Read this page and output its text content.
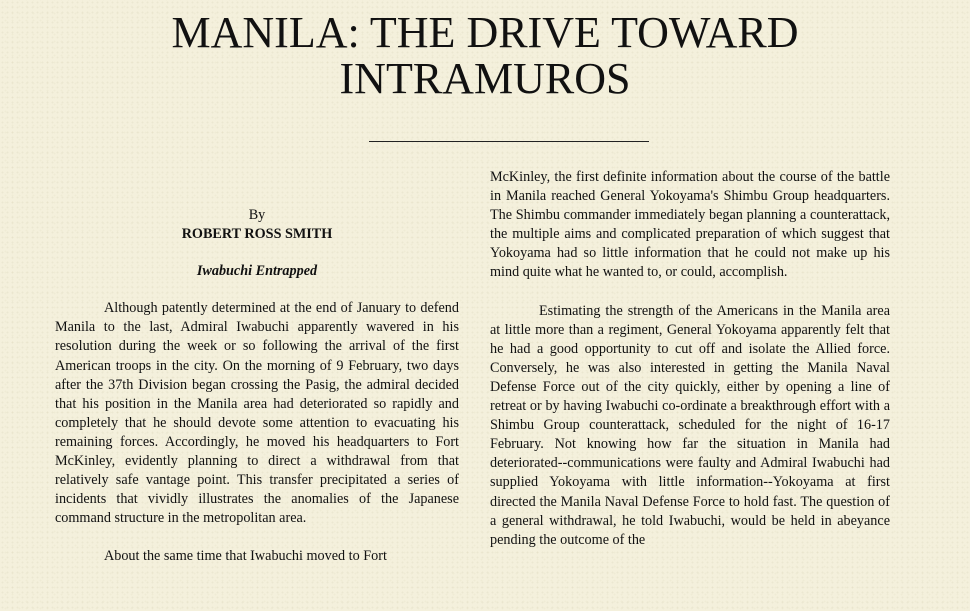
MANILA: THE DRIVE TOWARD
INTRAMUROS

By

ROBERT ROSS SMITH

Iwabuchi Entrapped

Although patently determined at the end of January to defend Manila to the last, Admiral Iwabuchi apparently wavered in his resolution during the week or so following the arrival of the first American troops in the city. On the morning of 9 February, two days after the 37th Division began crossing the Pasig, the admiral decided that his position in the Manila area had deteriorated so rapidly and completely that he should devote some attention to evacuating his remaining forces. Accordingly, he moved his headquarters to Fort McKinley, evidently planning to direct a withdrawal from that relatively safe vantage point. This transfer precipitated a series of incidents that vividly illustrates the anomalies of the Japanese command structure in the metropolitan area.

About the same time that Iwabuchi moved to Fort

McKinley, the first definite information about the course of the battle in Manila reached General Yokoyama's Shimbu Group headquarters. The Shimbu commander immediately began planning a counterattack, the multiple aims and complicated preparation of which suggest that Yokoyama had so little information that he could not make up his mind quite what he wanted to, or could, accomplish.

Estimating the strength of the Americans in the Manila area at little more than a regiment, General Yokoyama apparently felt that he had a good opportunity to cut off and isolate the Allied force. Conversely, he was also interested in getting the Manila Naval Defense Force out of the city quickly, either by opening a line of retreat or by having Iwabuchi co-ordinate a breakthrough effort with a Shimbu Group counterattack, scheduled for the night of 16-17 February. Not knowing how far the situation in Manila had deteriorated--communications were faulty and Admiral Iwabuchi had supplied Yokoyama with little information--Yokoyama at first directed the Manila Naval Defense Force to hold fast. The question of a general withdrawal, he told Iwabuchi, would be held in abeyance pending the outcome of the
